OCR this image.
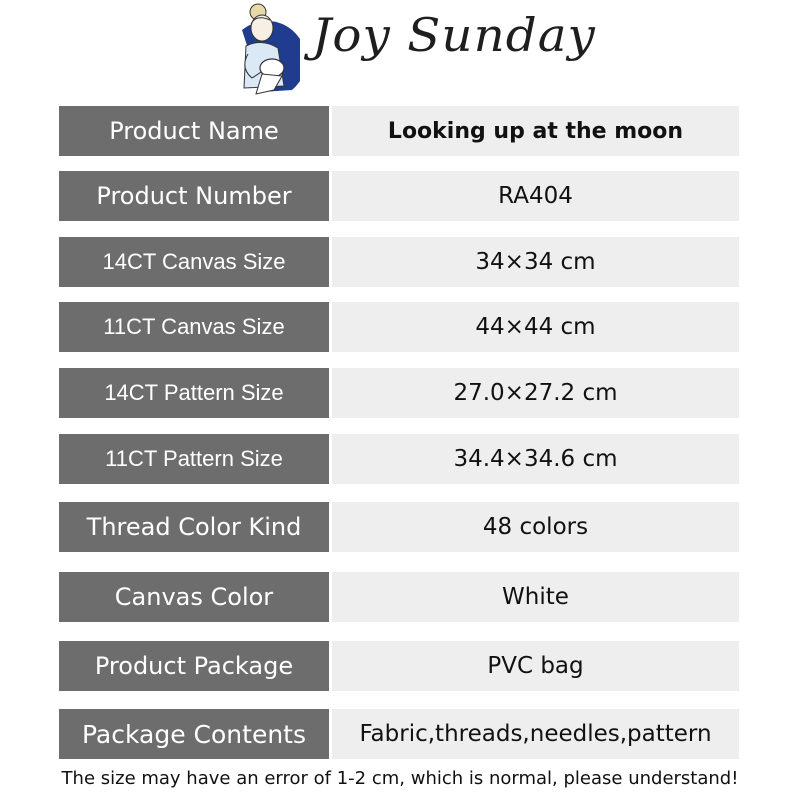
Joy Sunday
Product Name	Looking up at the moon
Product Number	RA404
14CT Canvas Size	34×34 cm
11CT Canvas Size	44×44 cm
14CT Pattern Size	27.0×27.2 cm
11CT Pattern Size	34.4×34.6 cm
Thread Color Kind	48 colors
Canvas Color	White
Product Package	PVC bag
Package Contents	Fabric,threads,needles,pattern
The size may have an error of 1-2 cm, which is normal, please understand!
